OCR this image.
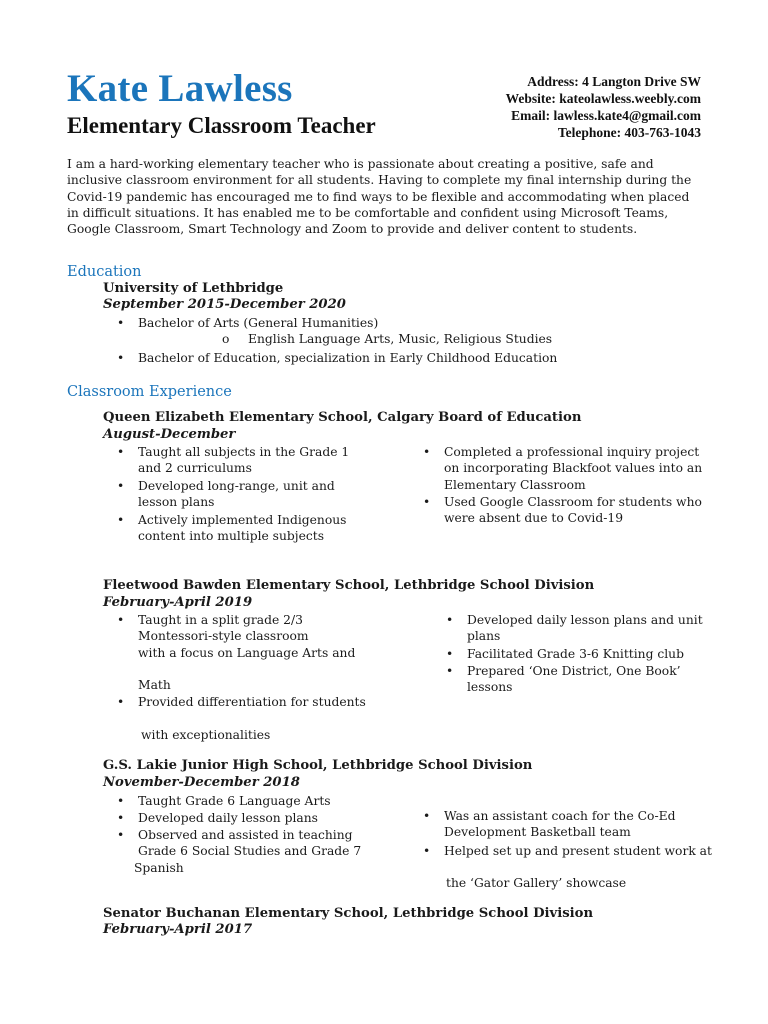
Kate Lawless
Elementary Classroom Teacher
Address: 4 Langton Drive SW
Website: kateolawless.weebly.com
Email: lawless.kate4@gmail.com
Telephone: 403-763-1043
I am a hard-working elementary teacher who is passionate about creating a positive, safe and inclusive classroom environment for all students. Having to complete my final internship during the Covid-19 pandemic has encouraged me to find ways to be flexible and accommodating when placed in difficult situations. It has enabled me to be comfortable and confident using Microsoft Teams, Google Classroom, Smart Technology and Zoom to provide and deliver content to students.
Education
University of Lethbridge
September 2015-December 2020
• Bachelor of Arts (General Humanities)
o English Language Arts, Music, Religious Studies
• Bachelor of Education, specialization in Early Childhood Education
Classroom Experience
Queen Elizabeth Elementary School, Calgary Board of Education
August-December
• Taught all subjects in the Grade 1
and 2 curriculums
• Developed long-range, unit and
lesson plans
• Actively implemented Indigenous
content into multiple subjects
• Completed a professional inquiry project
on incorporating Blackfoot values into an
Elementary Classroom
• Used Google Classroom for students who
were absent due to Covid-19
Fleetwood Bawden Elementary School, Lethbridge School Division
February-April 2019
• Taught in a split grade 2/3
Montessori-style classroom
with a focus on Language Arts and
Math
• Provided differentiation for students
with exceptionalities
• Developed daily lesson plans and unit
plans
• Facilitated Grade 3-6 Knitting club
• Prepared ‘One District, One Book’
lessons
G.S. Lakie Junior High School, Lethbridge School Division
November-December 2018
• Taught Grade 6 Language Arts
• Developed daily lesson plans
• Observed and assisted in teaching
Grade 6 Social Studies and Grade 7
Spanish
• Was an assistant coach for the Co-Ed
Development Basketball team
• Helped set up and present student work at
the ‘Gator Gallery’ showcase
Senator Buchanan Elementary School, Lethbridge School Division
February-April 2017
